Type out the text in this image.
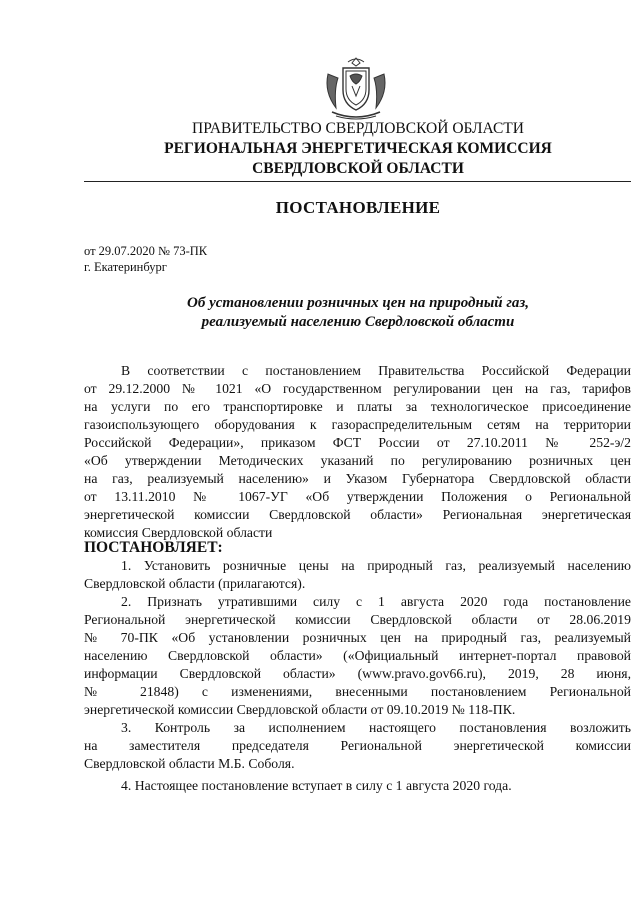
ПРАВИТЕЛЬСТВО СВЕРДЛОВСКОЙ ОБЛАСТИ
РЕГИОНАЛЬНАЯ ЭНЕРГЕТИЧЕСКАЯ КОМИССИЯ
СВЕРДЛОВСКОЙ ОБЛАСТИ
ПОСТАНОВЛЕНИЕ
от 29.07.2020 № 73-ПК
г. Екатеринбург
Об установлении розничных цен на природный газ,
реализуемый населению Свердловской области
В соответствии с постановлением Правительства Российской Федерации
от 29.12.2000 № 1021 «О государственном регулировании цен на газ, тарифов
на услуги по его транспортировке и платы за технологическое присоединение
газоиспользующего оборудования к газораспределительным сетям на территории
Российской Федерации», приказом ФСТ России от 27.10.2011 № 252-э/2
«Об утверждении Методических указаний по регулированию розничных цен
на газ, реализуемый населению» и Указом Губернатора Свердловской области
от 13.11.2010 № 1067-УГ «Об утверждении Положения о Региональной
энергетической комиссии Свердловской области» Региональная энергетическая
комиссия Свердловской области
ПОСТАНОВЛЯЕТ:
1. Установить розничные цены на природный газ, реализуемый населению
Свердловской области (прилагаются).
2. Признать утратившими силу с 1 августа 2020 года постановление
Региональной энергетической комиссии Свердловской области от 28.06.2019
№ 70-ПК «Об установлении розничных цен на природный газ, реализуемый
населению Свердловской области» («Официальный интернет-портал правовой
информации Свердловской области» (www.pravo.gov66.ru), 2019, 28 июня,
№ 21848) с изменениями, внесенными постановлением Региональной
энергетической комиссии Свердловской области от 09.10.2019 № 118-ПК.
3. Контроль за исполнением настоящего постановления возложить
на заместителя председателя Региональной энергетической комиссии
Свердловской области М.Б. Соболя.
4. Настоящее постановление вступает в силу с 1 августа 2020 года.
